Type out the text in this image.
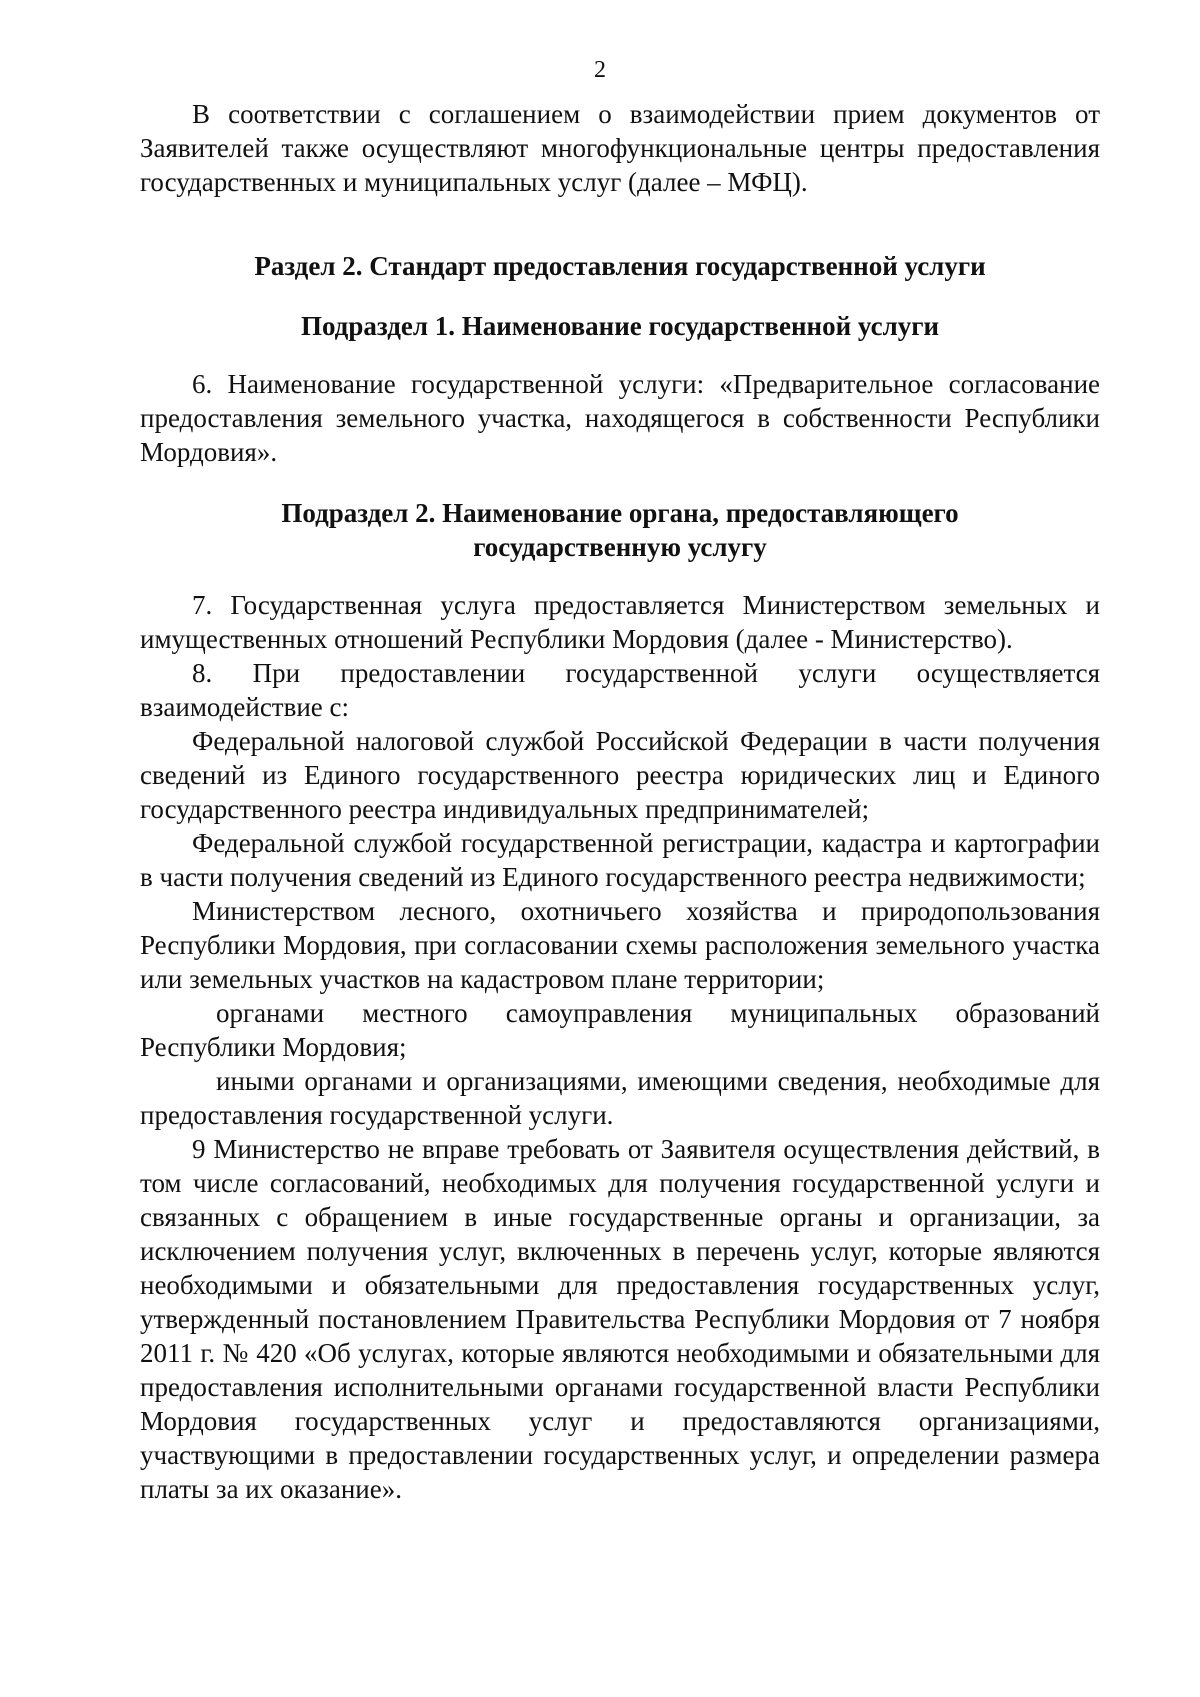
2

В соответствии с соглашением о взаимодействии прием документов от Заявителей также осуществляют многофункциональные центры предоставления государственных и муниципальных услуг (далее – МФЦ).

Раздел 2. Стандарт предоставления государственной услуги

Подраздел 1. Наименование государственной услуги

6. Наименование государственной услуги: «Предварительное согласование предоставления земельного участка, находящегося в собственности Республики Мордовия».

Подраздел 2. Наименование органа, предоставляющего

государственную услугу

7. Государственная услуга предоставляется Министерством земельных и имущественных отношений Республики Мордовия (далее - Министерство).

8. При предоставлении государственной услуги осуществляется взаимодействие с:

Федеральной налоговой службой Российской Федерации в части получения сведений из Единого государственного реестра юридических лиц и Единого государственного реестра индивидуальных предпринимателей;

Федеральной службой государственной регистрации, кадастра и картографии в части получения сведений из Единого государственного реестра недвижимости;

Министерством лесного, охотничьего хозяйства и природопользования Республики Мордовия, при согласовании схемы расположения земельного участка или земельных участков на кадастровом плане территории;

органами местного самоуправления муниципальных образований Республики Мордовия;

иными органами и организациями, имеющими сведения, необходимые для предоставления государственной услуги.

9 Министерство не вправе требовать от Заявителя осуществления действий, в том числе согласований, необходимых для получения государственной услуги и связанных с обращением в иные государственные органы и организации, за исключением получения услуг, включенных в перечень услуг, которые являются необходимыми и обязательными для предоставления государственных услуг, утвержденный постановлением Правительства Республики Мордовия от 7 ноября 2011 г. № 420 «Об услугах, которые являются необходимыми и обязательными для предоставления исполнительными органами государственной власти Республики Мордовия государственных услуг и предоставляются организациями, участвующими в предоставлении государственных услуг, и определении размера платы за их оказание».
